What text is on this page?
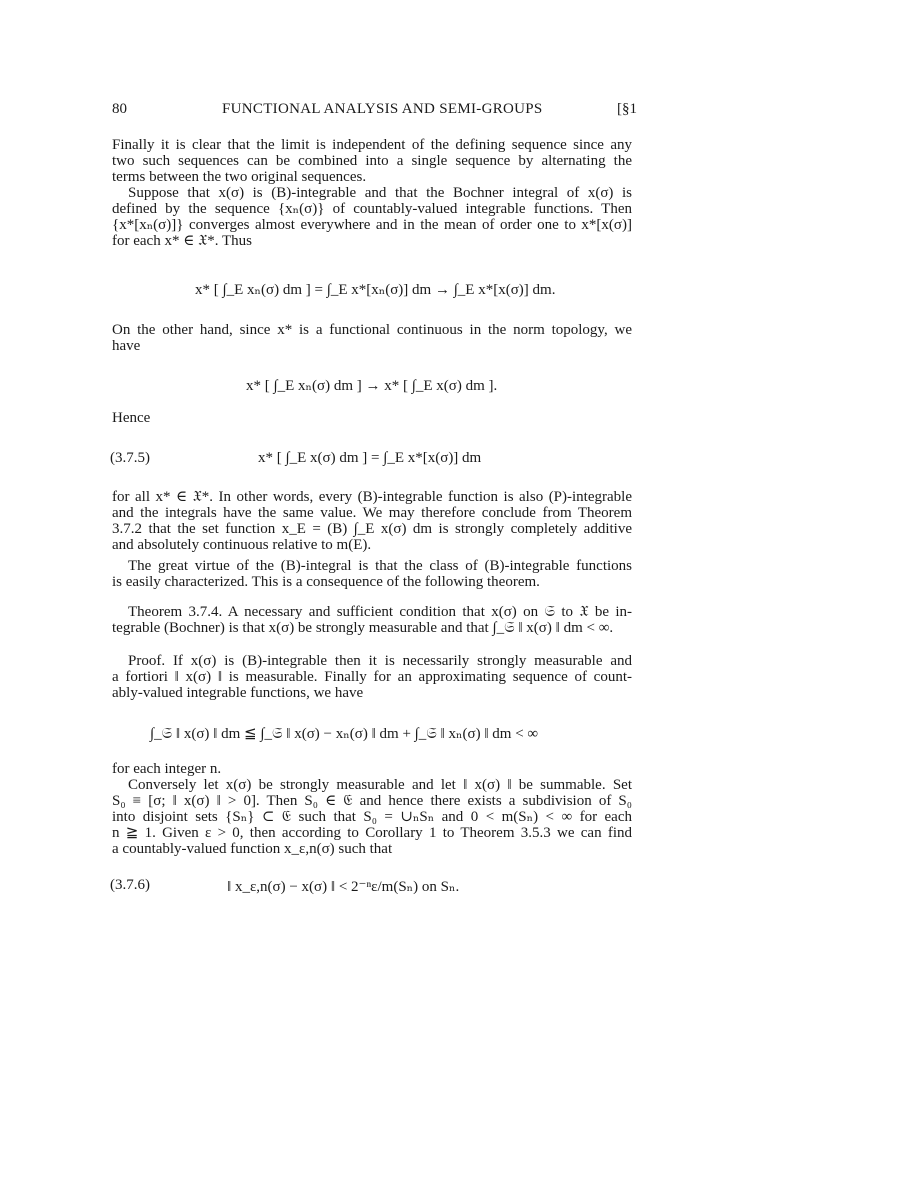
80	FUNCTIONAL ANALYSIS AND SEMI-GROUPS	[§1
Finally it is clear that the limit is independent of the defining sequence since any
two such sequences can be combined into a single sequence by alternating the
terms between the two original sequences.
Suppose that x(σ) is (B)-integrable and that the Bochner integral of x(σ) is
defined by the sequence {xₙ(σ)} of countably-valued integrable functions. Then
{x*[xₙ(σ)]} converges almost everywhere and in the mean of order one to x*[x(σ)]
for each x* ∈ 𝔛*. Thus
x* [ ∫_E xₙ(σ) dm ] = ∫_E x*[xₙ(σ)] dm → ∫_E x*[x(σ)] dm.
On the other hand, since x* is a functional continuous in the norm topology, we
have
x* [ ∫_E xₙ(σ) dm ] → x* [ ∫_E x(σ) dm ].
Hence
(3.7.5)	x* [ ∫_E x(σ) dm ] = ∫_E x*[x(σ)] dm
for all x* ∈ 𝔛*. In other words, every (B)-integrable function is also (P)-integrable
and the integrals have the same value. We may therefore conclude from Theorem
3.7.2 that the set function x_E = (B) ∫_E x(σ) dm is strongly completely additive
and absolutely continuous relative to m(E).
The great virtue of the (B)-integral is that the class of (B)-integrable functions
is easily characterized. This is a consequence of the following theorem.
Theorem 3.7.4. A necessary and sufficient condition that x(σ) on 𝔖 to 𝔛 be in-
tegrable (Bochner) is that x(σ) be strongly measurable and that ∫_𝔖 ‖ x(σ) ‖ dm < ∞.
Proof. If x(σ) is (B)-integrable then it is necessarily strongly measurable and
a fortiori ‖ x(σ) ‖ is measurable. Finally for an approximating sequence of count-
ably-valued integrable functions, we have
∫_𝔖 ‖ x(σ) ‖ dm ≦ ∫_𝔖 ‖ x(σ) − xₙ(σ) ‖ dm + ∫_𝔖 ‖ xₙ(σ) ‖ dm < ∞
for each integer n.
Conversely let x(σ) be strongly measurable and let ‖ x(σ) ‖ be summable. Set
S₀ ≡ [σ; ‖ x(σ) ‖ > 0]. Then S₀ ∈ 𝔈 and hence there exists a subdivision of S₀
into disjoint sets {Sₙ} ⊂ 𝔈 such that S₀ = ∪ₙSₙ and 0 < m(Sₙ) < ∞ for each
n ≧ 1. Given ε > 0, then according to Corollary 1 to Theorem 3.5.3 we can find
a countably-valued function x_ε,n(σ) such that
(3.7.6)	‖ x_ε,n(σ) − x(σ) ‖ < 2⁻ⁿε/m(Sₙ) on Sₙ.
